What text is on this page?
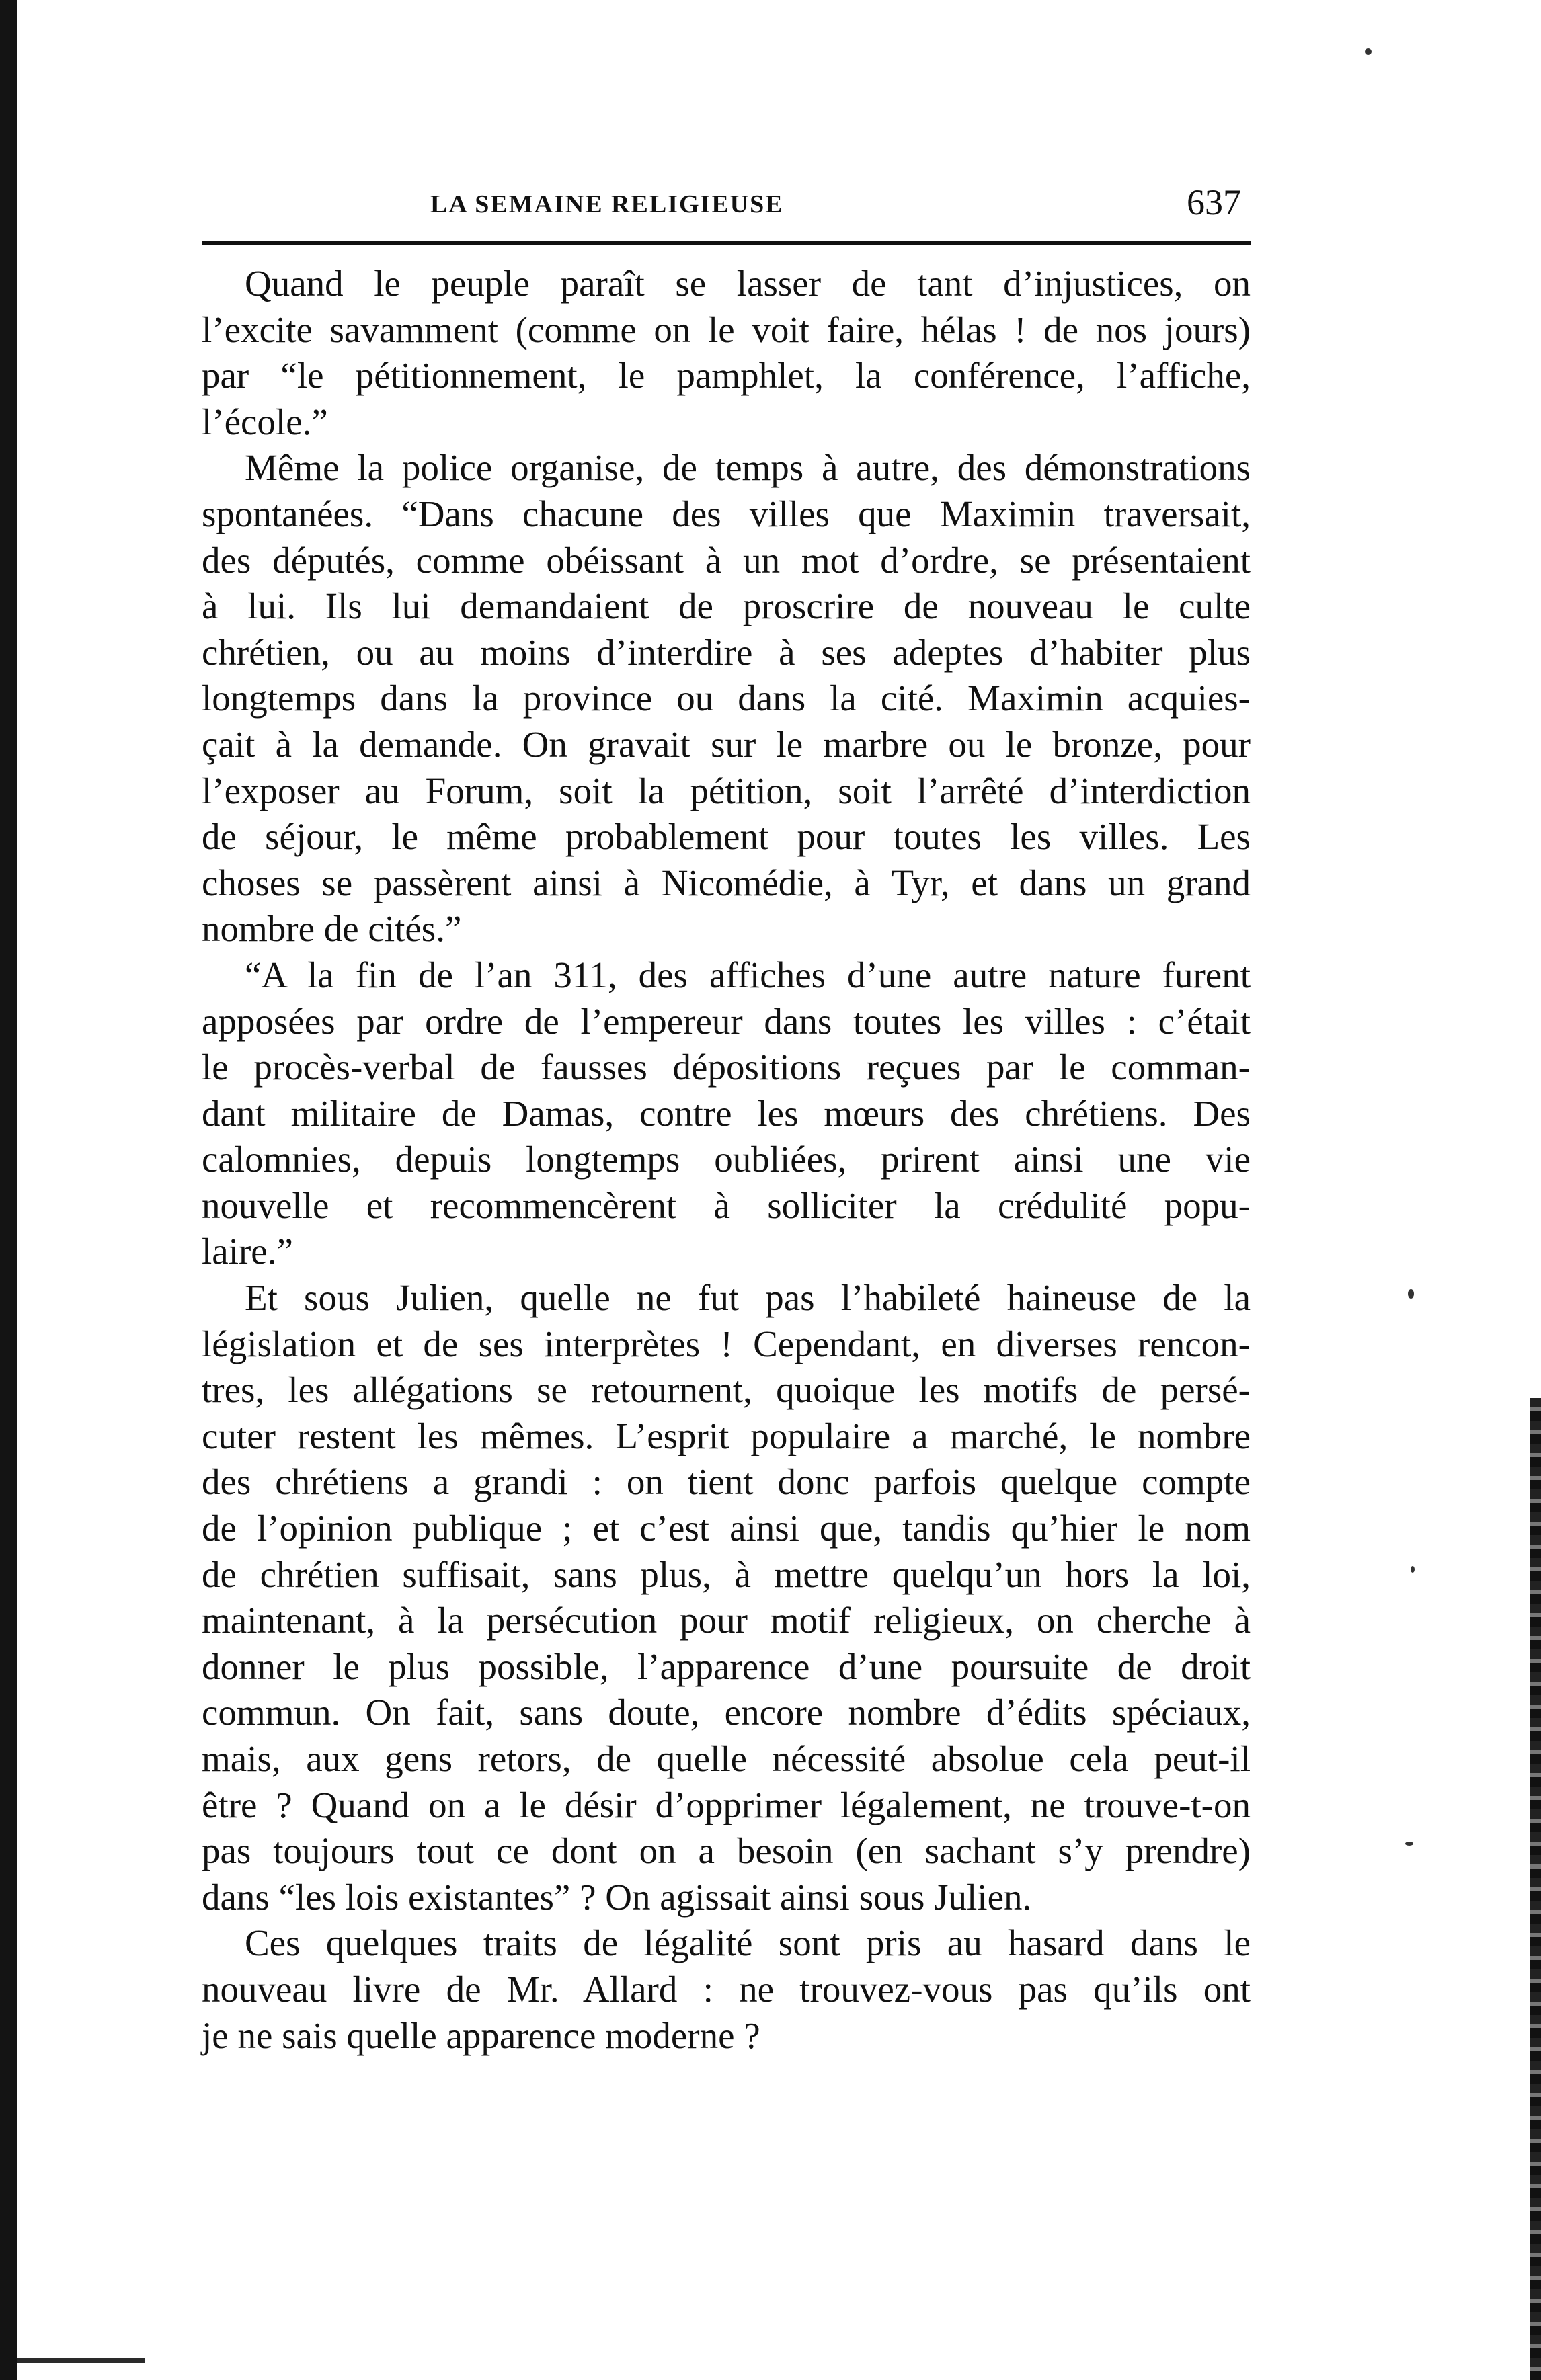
LA SEMAINE RELIGIEUSE	637
Quand le peuple paraît se lasser de tant d’injustices, on
l’excite savamment (comme on le voit faire, hélas ! de nos jours)
par “le pétitionnement, le pamphlet, la conférence, l’affiche,
l’école.”
Même la police organise, de temps à autre, des démonstrations
spontanées. “Dans chacune des villes que Maximin traversait,
des députés, comme obéissant à un mot d’ordre, se présentaient
à lui. Ils lui demandaient de proscrire de nouveau le culte
chrétien, ou au moins d’interdire à ses adeptes d’habiter plus
longtemps dans la province ou dans la cité. Maximin acquies-
çait à la demande. On gravait sur le marbre ou le bronze, pour
l’exposer au Forum, soit la pétition, soit l’arrêté d’interdiction
de séjour, le même probablement pour toutes les villes. Les
choses se passèrent ainsi à Nicomédie, à Tyr, et dans un grand
nombre de cités.”
“A la fin de l’an 311, des affiches d’une autre nature furent
apposées par ordre de l’empereur dans toutes les villes : c’était
le procès-verbal de fausses dépositions reçues par le comman-
dant militaire de Damas, contre les mœurs des chrétiens. Des
calomnies, depuis longtemps oubliées, prirent ainsi une vie
nouvelle et recommencèrent à solliciter la crédulité popu-
laire.”
Et sous Julien, quelle ne fut pas l’habileté haineuse de la
législation et de ses interprètes ! Cependant, en diverses rencon-
tres, les allégations se retournent, quoique les motifs de persé-
cuter restent les mêmes. L’esprit populaire a marché, le nombre
des chrétiens a grandi : on tient donc parfois quelque compte
de l’opinion publique ; et c’est ainsi que, tandis qu’hier le nom
de chrétien suffisait, sans plus, à mettre quelqu’un hors la loi,
maintenant, à la persécution pour motif religieux, on cherche à
donner le plus possible, l’apparence d’une poursuite de droit
commun. On fait, sans doute, encore nombre d’édits spéciaux,
mais, aux gens retors, de quelle nécessité absolue cela peut-il
être ? Quand on a le désir d’opprimer légalement, ne trouve-t-on
pas toujours tout ce dont on a besoin (en sachant s’y prendre)
dans “les lois existantes” ? On agissait ainsi sous Julien.
Ces quelques traits de légalité sont pris au hasard dans le
nouveau livre de Mr. Allard : ne trouvez-vous pas qu’ils ont
je ne sais quelle apparence moderne ?
